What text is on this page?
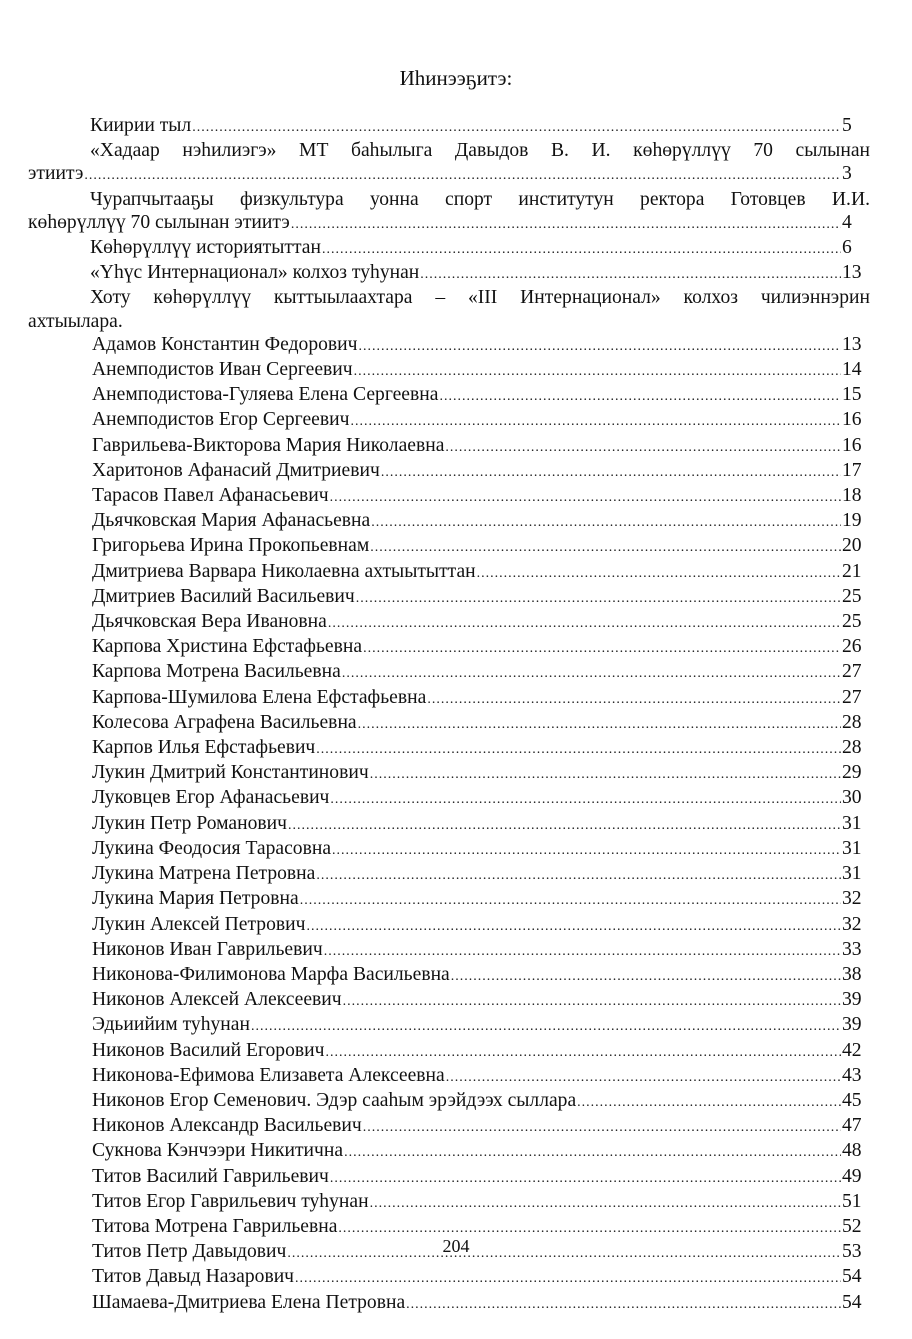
Иһинээҕитэ:
Киирии тыл .....	5
«Хадаар нэһилиэгэ» МТ баһылыга Давыдов В. И. көһөрүллүү 70 сылынан
этиитэ .....	3
Чурапчытааҕы физкультура уонна спорт институтун ректора Готовцев И.И.
көһөрүллүү 70 сылынан этиитэ .....	4
Көһөрүллүү историятыттан .....	6
«Үһүс Интернационал» колхоз туһунан .....	13
Хоту көһөрүллүү кыттыылаахтара – «III Интернационал» колхоз чилиэннэрин
ахтыылара.
Адамов Константин Федорович .....	13
Анемподистов Иван Сергеевич .....	14
Анемподистова-Гуляева Елена Сергеевна .....	15
Анемподистов Егор Сергеевич .....	16
Гаврильева-Викторова Мария Николаевна .....	16
Харитонов Афанасий Дмитриевич .....	17
Тарасов Павел Афанасьевич .....	18
Дьячковская Мария Афанасьевна .....	19
Григорьева Ирина Прокопьевнам .....	20
Дмитриева Варвара Николаевна ахтыытыттан .....	21
Дмитриев Василий Васильевич .....	25
Дьячковская Вера Ивановна .....	25
Карпова Христина Ефстафьевна .....	26
Карпова Мотрена Васильевна .....	27
Карпова-Шумилова Елена Ефстафьевна .....	27
Колесова Аграфена Васильевна .....	28
Карпов Илья Ефстафьевич .....	28
Лукин Дмитрий Константинович .....	29
Луковцев Егор Афанасьевич .....	30
Лукин Петр Романович .....	31
Лукина Феодосия Тарасовна .....	31
Лукина Матрена Петровна .....	31
Лукина Мария Петровна .....	32
Лукин Алексей Петрович .....	32
Никонов Иван Гаврильевич .....	33
Никонова-Филимонова Марфа Васильевна .....	38
Никонов Алексей Алексеевич .....	39
Эдьиийим туһунан .....	39
Никонов Василий Егорович .....	42
Никонова-Ефимова Елизавета Алексеевна .....	43
Никонов Егор Семенович. Эдэр сааһым эрэйдээх сыллара .....	45
Никонов Александр Васильевич .....	47
Сукнова Кэнчээри Никитична .....	48
Титов Василий Гаврильевич .....	49
Титов Егор Гаврильевич туһунан .....	51
Титова Мотрена Гаврильевна .....	52
Титов Петр Давыдович .....	53
Титов Давыд Назарович .....	54
Шамаева-Дмитриева Елена Петровна .....	54
204
